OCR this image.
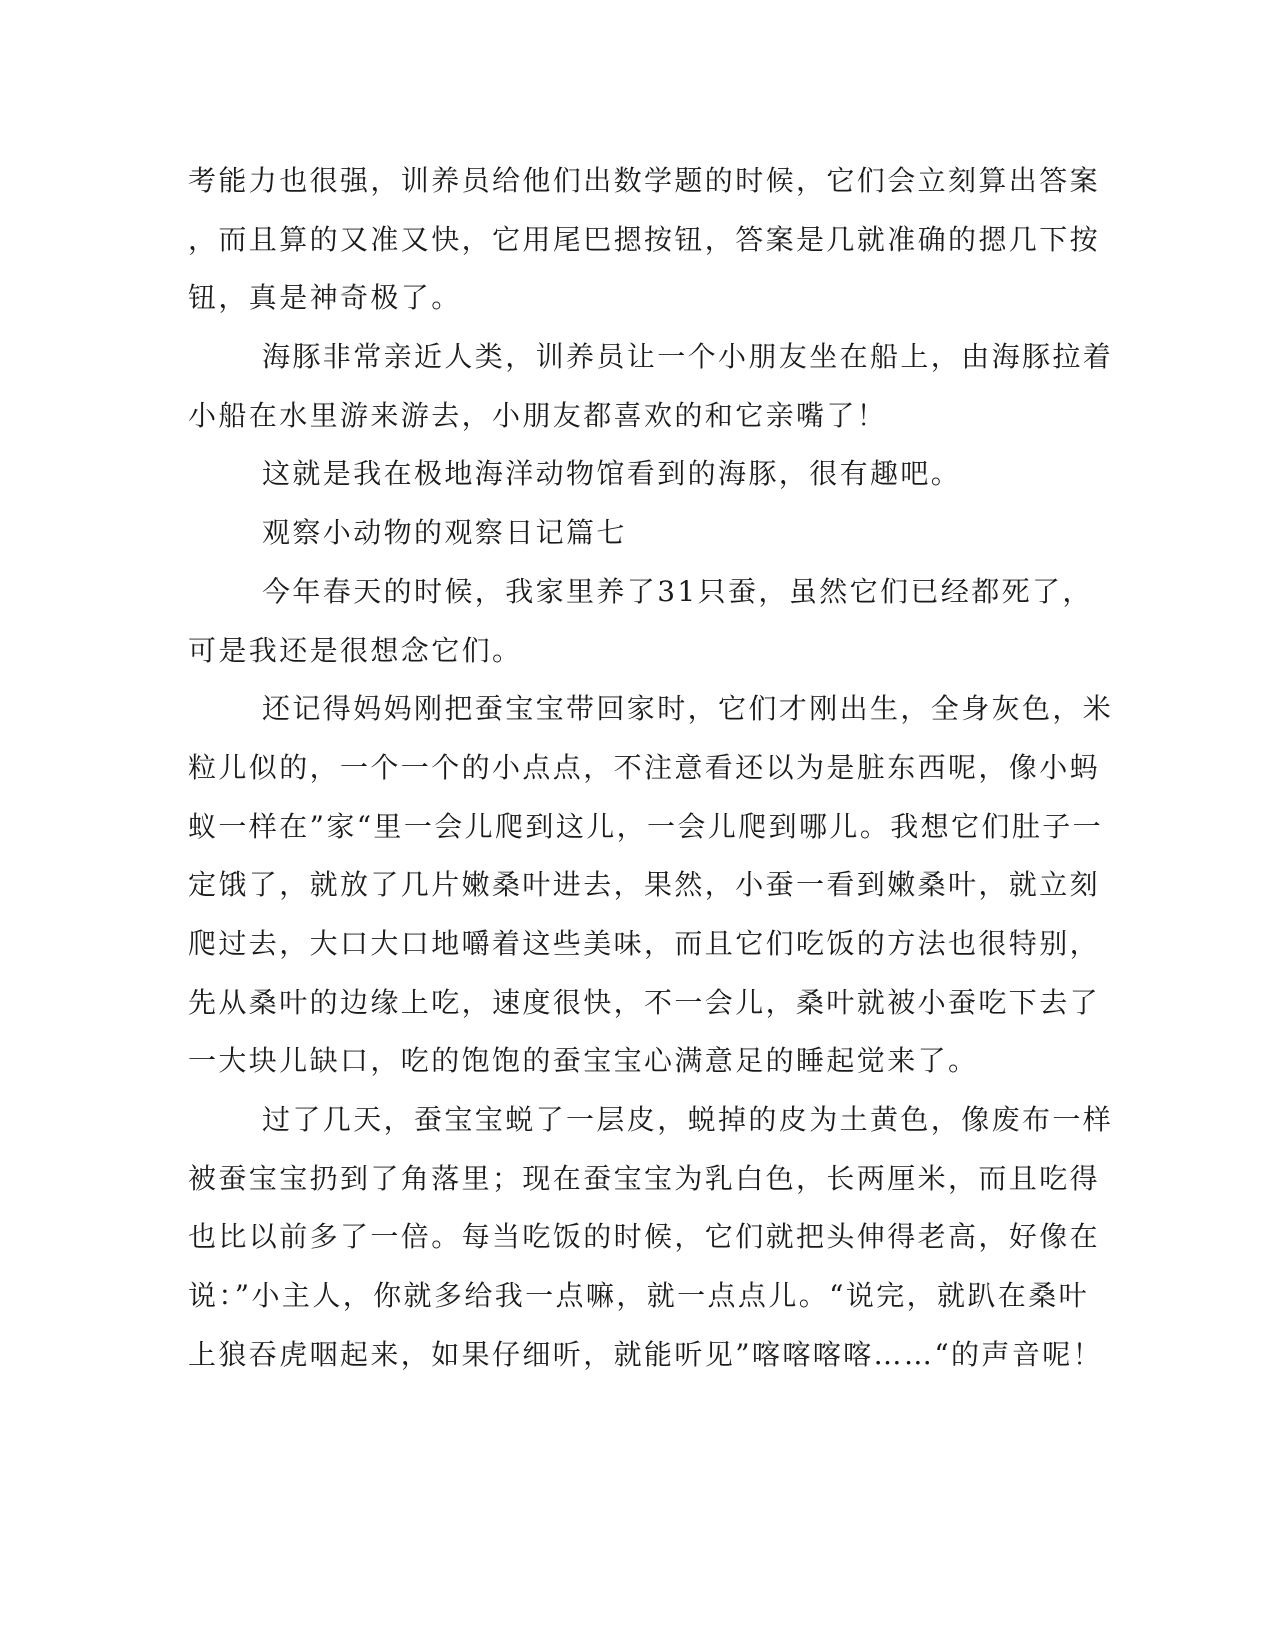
考能力也很强，训养员给他们出数学题的时候，它们会立刻算出答案

，而且算的又准又快，它用尾巴摁按钮，答案是几就准确的摁几下按

钮，真是神奇极了。

海豚非常亲近人类，训养员让一个小朋友坐在船上，由海豚拉着

小船在水里游来游去，小朋友都喜欢的和它亲嘴了！

这就是我在极地海洋动物馆看到的海豚，很有趣吧。

观察小动物的观察日记篇七

今年春天的时候，我家里养了31只蚕，虽然它们已经都死了，

可是我还是很想念它们。

还记得妈妈刚把蚕宝宝带回家时，它们才刚出生，全身灰色，米

粒儿似的，一个一个的小点点，不注意看还以为是脏东西呢，像小蚂

蚁一样在”家“里一会儿爬到这儿，一会儿爬到哪儿。我想它们肚子一

定饿了，就放了几片嫩桑叶进去，果然，小蚕一看到嫩桑叶，就立刻

爬过去，大口大口地嚼着这些美味，而且它们吃饭的方法也很特别，

先从桑叶的边缘上吃，速度很快，不一会儿，桑叶就被小蚕吃下去了

一大块儿缺口，吃的饱饱的蚕宝宝心满意足的睡起觉来了。

过了几天，蚕宝宝蜕了一层皮，蜕掉的皮为土黄色，像废布一样

被蚕宝宝扔到了角落里；现在蚕宝宝为乳白色，长两厘米，而且吃得

也比以前多了一倍。每当吃饭的时候，它们就把头伸得老高，好像在

说：”小主人，你就多给我一点嘛，就一点点儿。“说完，就趴在桑叶

上狼吞虎咽起来，如果仔细听，就能听见”喀喀喀喀……“的声音呢！
